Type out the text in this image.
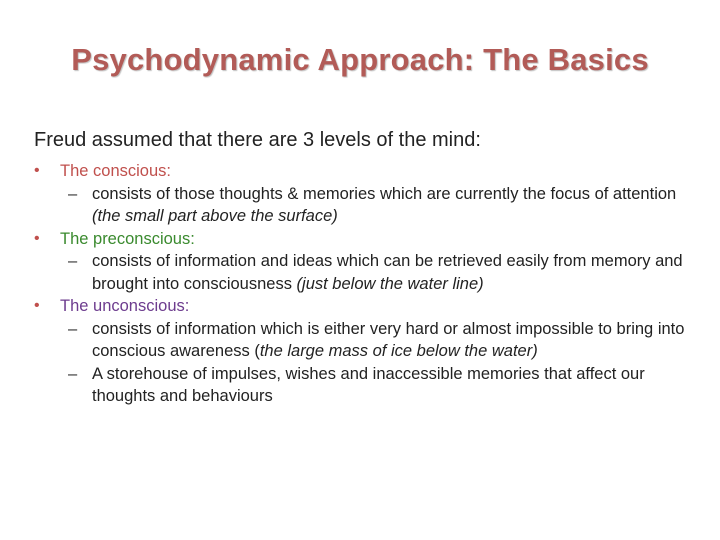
Psychodynamic Approach: The Basics
Freud assumed that there are 3 levels of the mind:
• The conscious:
– consists of those thoughts & memories which are currently the focus of attention (the small part above the surface)
• The preconscious:
– consists of information and ideas which can be retrieved easily from memory and brought into consciousness (just below the water line)
• The unconscious:
– consists of information which is either very hard or almost impossible to bring into conscious awareness (the large mass of ice below the water)
– A storehouse of impulses, wishes and inaccessible memories that affect our thoughts and behaviours
